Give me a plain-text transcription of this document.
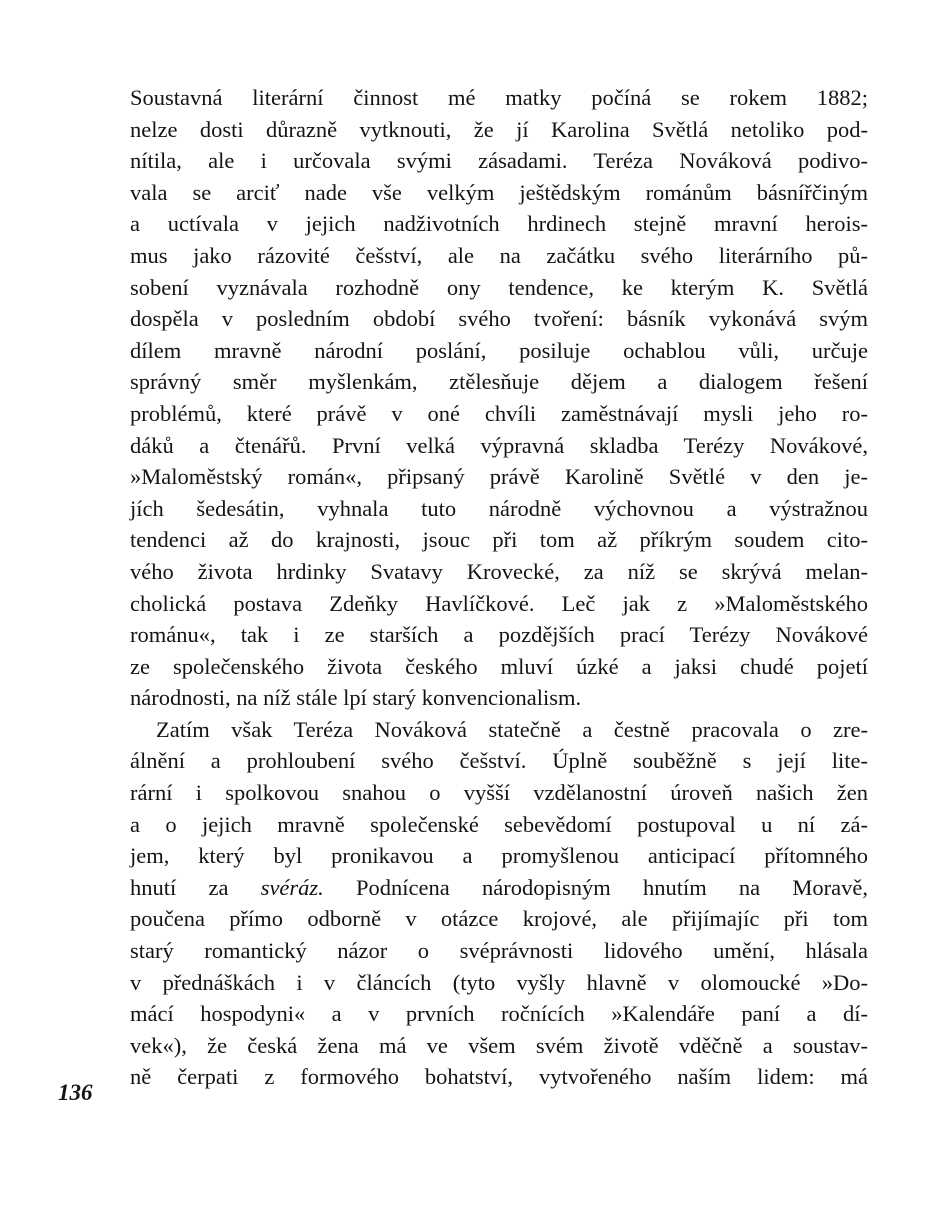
Soustavná literární činnost mé matky počíná se rokem 1882;
nelze dosti důrazně vytknouti, že jí Karolina Světlá netoliko pod-
nítila, ale i určovala svými zásadami. Teréza Nováková podivo-
vala se arciť nade vše velkým ještědským románům básnířčiným
a uctívala v jejich nadživotních hrdinech stejně mravní herois-
mus jako rázovité češství, ale na začátku svého literárního pů-
sobení vyznávala rozhodně ony tendence, ke kterým K. Světlá
dospěla v posledním období svého tvoření: básník vykonává svým
dílem mravně národní poslání, posiluje ochablou vůli, určuje
správný směr myšlenkám, ztělesňuje dějem a dialogem řešení
problémů, které právě v oné chvíli zaměstnávají mysli jeho ro-
dáků a čtenářů. První velká výpravná skladba Terézy Novákové,
»Maloměstský román«, připsaný právě Karolině Světlé v den je-
jích šedesátin, vyhnala tuto národně výchovnou a výstražnou
tendenci až do krajnosti, jsouc při tom až příkrým soudem cito-
vého života hrdinky Svatavy Krovecké, za níž se skrývá melan-
cholická postava Zdeňky Havlíčkové. Leč jak z »Maloměstského
románu«, tak i ze starších a pozdějších prací Terézy Novákové
ze společenského života českého mluví úzké a jaksi chudé pojetí
národnosti, na níž stále lpí starý konvencionalism.
Zatím však Teréza Nováková statečně a čestně pracovala o zre-
álnění a prohloubení svého češství. Úplně souběžně s její lite-
rární i spolkovou snahou o vyšší vzdělanostní úroveň našich žen
a o jejich mravně společenské sebevědomí postupoval u ní zá-
jem, který byl pronikavou a promyšlenou anticipací přítomného
hnutí za svéráz. Podnícena národopisným hnutím na Moravě,
poučena přímo odborně v otázce krojové, ale přijímajíc při tom
starý romantický názor o svéprávnosti lidového umění, hlásala
v přednáškách i v článcích (tyto vyšly hlavně v olomoucké »Do-
mácí hospodyni« a v prvních ročnících »Kalendáře paní a dí-
vek«), že česká žena má ve všem svém životě vděčně a soustav-
ně čerpati z formového bohatství, vytvořeného naším lidem: má
136
